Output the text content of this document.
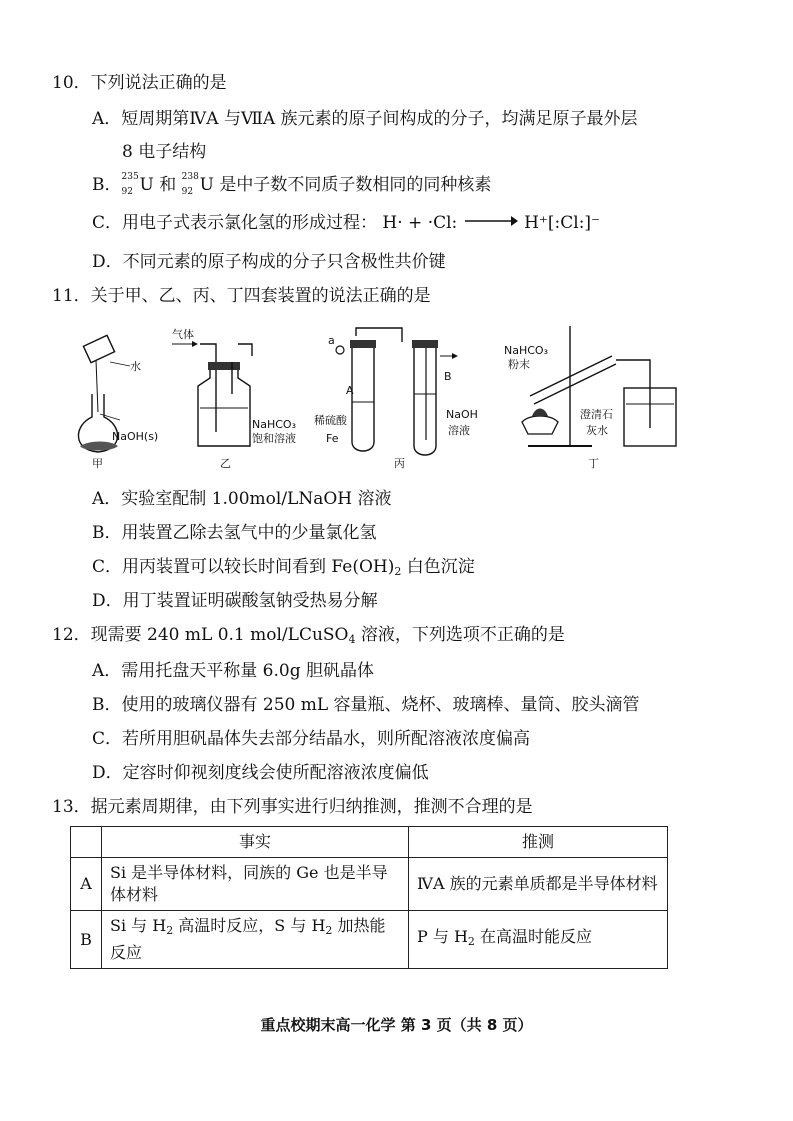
10．下列说法正确的是
A．短周期第ⅣA 与ⅦA 族元素的原子间构成的分子，均满足原子最外层
8 电子结构
B． 235
92 U 和 238
92 U 是中子数不同质子数相同的同种核素
C．用电子式表示氯化氢的形成过程： H· + ·Cl: → H⁺[:Cl:]⁻
D．不同元素的原子构成的分子只含极性共价键
11．关于甲、乙、丙、丁四套装置的说法正确的是
水
NaOH(s)
甲
气体
NaHCO₃
饱和溶液
乙
a
A
B
稀硫酸
Fe
NaOH
溶液
丙
NaHCO₃
粉末
澄清石
灰水
丁
A．实验室配制 1.00mol/LNaOH 溶液
B．用装置乙除去氢气中的少量氯化氢
C．用丙装置可以较长时间看到 $Fe(OH)_2$ 白色沉淀
D．用丁装置证明碳酸氢钠受热易分解
12．现需要 240 mL 0.1 mol/LCuSO$_4$ 溶液，下列选项不正确的是
A．需用托盘天平称量 6.0g 胆矾晶体
B．使用的玻璃仪器有 250 mL 容量瓶、烧杯、玻璃棒、量筒、胶头滴管
C．若所用胆矾晶体失去部分结晶水，则所配溶液浓度偏高
D．定容时仰视刻度线会使所配溶液浓度偏低
13．据元素周期律，由下列事实进行归纳推测，推测不合理的是
	事实	推测
A	Si 是半导体材料，同族的 Ge 也是半导体材料	ⅣA 族的元素单质都是半导体材料
B	Si 与 $H_2$ 高温时反应，S 与 $H_2$ 加热能反应	P 与 $H_2$ 在高温时能反应
重点校期末高一化学 第 3 页（共 8 页）
